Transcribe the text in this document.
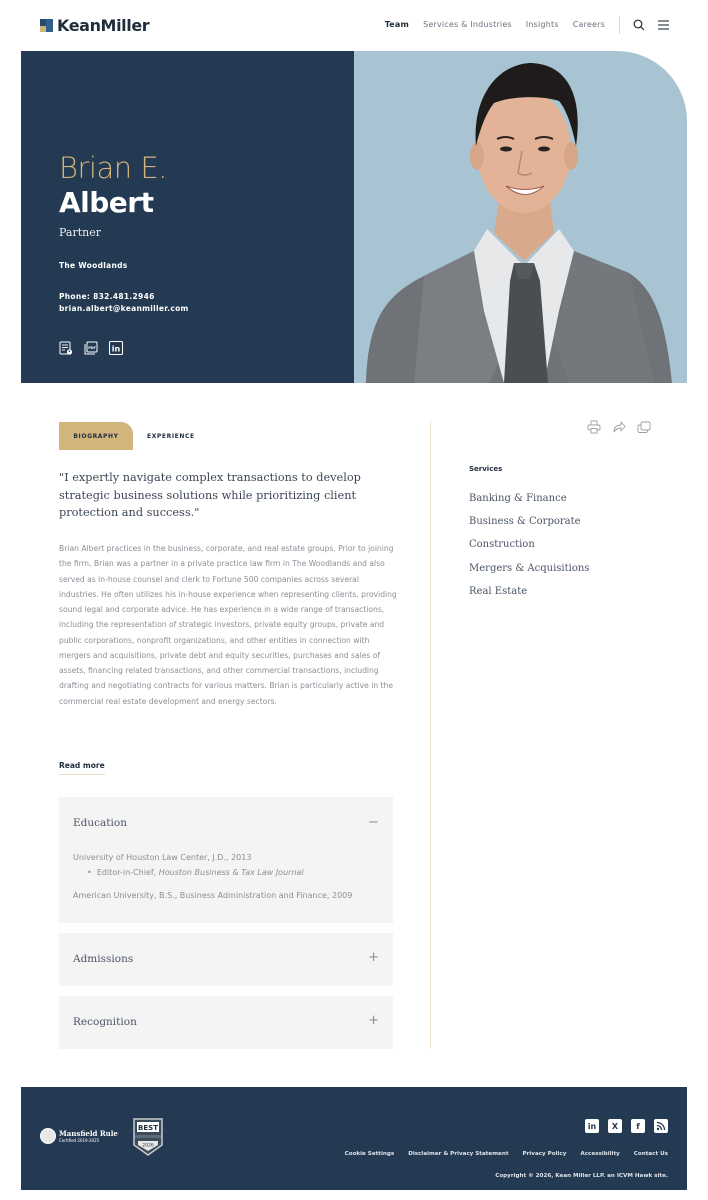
KeanMiller	Team Services & Industries Insights Careers
Brian E.
Albert
Partner
The Woodlands
Phone: 832.481.2946
brian.albert@keanmiller.com
PDF in
BIOGRAPHY	EXPERIENCE
"I expertly navigate complex transactions to develop strategic business solutions while prioritizing client protection and success."
Brian Albert practices in the business, corporate, and real estate groups. Prior to joining the firm, Brian was a partner in a private practice law firm in The Woodlands and also served as in-house counsel and clerk to Fortune 500 companies across several industries. He often utilizes his in-house experience when representing clients, providing sound legal and corporate advice. He has experience in a wide range of transactions, including the representation of strategic investors, private equity groups, private and public corporations, nonprofit organizations, and other entities in connection with mergers and acquisitions, private debt and equity securities, purchases and sales of assets, financing related transactions, and other commercial transactions, including drafting and negotiating contracts for various matters. Brian is particularly active in the commercial real estate development and energy sectors.
Read more
Education	−
University of Houston Law Center, J.D., 2013
•  Editor-in-Chief, Houston Business & Tax Law Journal
American University, B.S., Business Administration and Finance, 2009
Admissions	+
Recognition	+
Services
Banking & Finance
Business & Corporate
Construction
Mergers & Acquisitions
Real Estate
Mansfield Rule
Certified 2019-2025
BEST
2026
in	X	f
Cookie Settings	Disclaimer & Privacy Statement	Privacy Policy	Accessibility	Contact Us
Copyright © 2026, Kean Miller LLP. an ICVM Hawk site.
